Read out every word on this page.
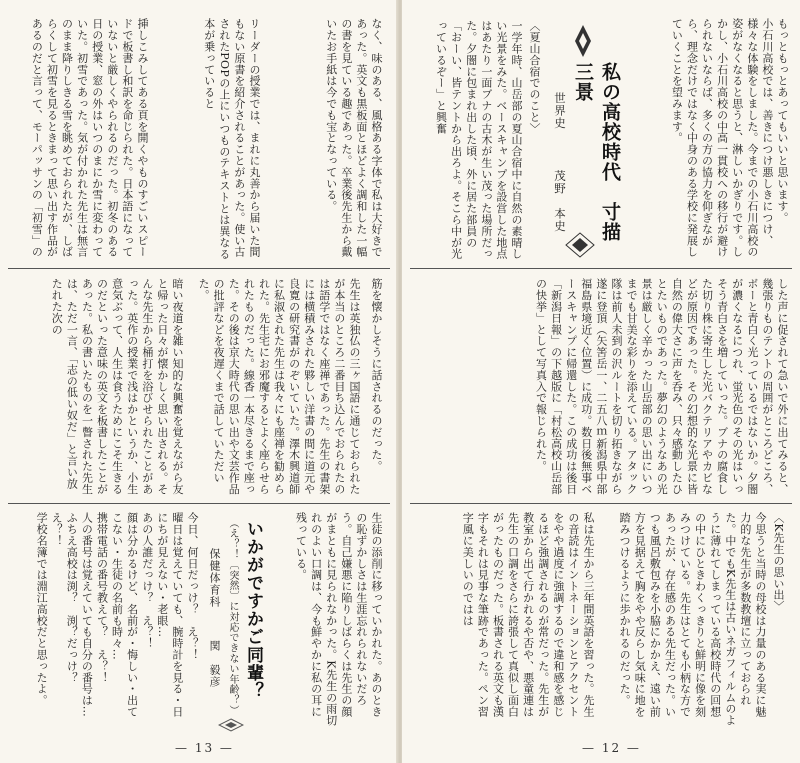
なく、味のある、風格ある字体で私は大好きであった。英文も黒板面とほどよく調和した一幅の書を見ている趣であった。卒業後先生から戴いたお手紙は今でも宝となっている。

リーダーの授業では、まれに丸善から届いた間もない原書を紹介されることがあった。使い古されたPOPの上にいつものテキストとは異なる本が乗っていると

挿しこみしてある頁を開くやものすごいスピードで板書し和訳を命じられた。日本語になっていないと厳しくやられるのだった。初冬のある日の授業、窓の外はいつのまにか雪に変わっていた。初雪であった。気が付かれた先生は無言のまま降りしきる雪を眺めておられたが、しばらくして初雪を見るときまって思い出す作品があるのだと言って、モーパッサンの「初雪」の

筋を懐かしそうに話されるのだった。

先生は英独仏の三ヶ国語に通じておられたが本当のところ二番目ち込んでおられたのは語学ではなく座禅であった。先生の書架には横積みされた夥しい洋書の間に道元や良寛の研究書がのぞいていた。澤木興道師に私淑された先生は我々にも座禅を勧められた。先生宅にお邪魔するとよく座らせられたものだった。線香一本尽きるまで座った。その後は京大時代の思い出や文芸作品の批評などを夜遅くまで話していただいた。

暗い夜道を雑い知的な興奮を覚えながら友と帰った日々が懐かしく思い出される。そんな先生から桶打を浴びせられたことがあった。英作の授業で浅はかというか、小生意気ぶって、人生は食うためにこそ生きるのだといった意味の英文を板書したことがあった。私の書いたものを一瞥された先生は、ただ一言、「志の低い奴だ」と言い放たれた次の

生徒の添削に移っていかれた。あのときの恥ずかしさは生涯忘れられないだろう。自己嫌悪に陥りしばらくは先生の顔がまともに見られなかった。K先生の雨切れのよい口調は、今も鮮やかに私の耳に残っている。

いかがですかご同輩？
（え？！〔突然〕に対応できない年齢？）
保健体育科
関　毅彦

今日、何日だっけ？　え？！

曜日は覚えていても、腕時計を見る・日にちが見えない・老眼…

あの人誰だっけ？　え？！

顔は分かるけど、名前が・悔しい・出てこない・生徒の名前も時々…

携帯電話の番号教えて？　え？！

人の番号は覚えていても自分の番号は…

ふちえ高校は渕？　渕？だっけ？　え？！

学校名簿では淵江高校だと思ったよ。

— 13 —

もっともっとあってもいいと思います。

小石川高校では、善きにつけ悪しきにつけ、様々な体験をしました。今までの小石川高校の姿がなくなると思うと、淋しいかぎりです。しかし、小石川高校の中高一貫校への移行が避けられないならば、多くの方の協力を仰ぎながら、理念だけではなく中身のある学校に発展していくことを望みます。

私の高校時代　寸描三景
世界史
茂野　本史
〈夏山合宿でのこと〉

一学年時、山岳部の夏山合宿中に自然の素晴しい光景をみた。ベースキャンプを設営した地点はあたり一面ブナの古木が生い茂った場所だった。夕闇に包まれ出した頃、外に居た部員の「おーい、皆テントから出ろよ。そこら中が光っているぞー」と興奮

した声に促されて急いで外に出てみると、幾張りものテントの周囲がところどころ、ボーと青白く光っているではないか。夕闇が濃くなるにつれ、蛍光色のその光はいっそう青白さを増していった。ブナの腐食した切り株に寄生した光バクテリアやカビなどが原因であった。その幻想的な光景に皆自然の偉大さに声を呑み、只々感動したひとたいものであった。夢幻のようなあの光景は厳しく辛かった山岳部の思い出にいつまでも甘美な彩りを添えている。アタック隊は前人未到の沢ルートを切り拓きながら遂に登頂（矢筈岳一、二五八ｍ新潟県中部福島県境近く位置）に成功。数日後無事ベースキャンプに帰還した。この成功は後日「新潟日報」の下越版に「村松高校山岳部の快挙」として写真入で報じられた。

〈K先生の思い出〉

今思うと当時の母校は力量のある実に魅力的な先生が多数教壇に立っておられた。中でもK先生は古いネガフィルムのように薄れてしまっている高校時代の回想の中にひときわくっきりと鮮明に像を刻みつけている。先生はとても小柄な方であったが、存在感のある先生だった。いつも風呂敷包みを小脇にかかえ、遠い前方を見据えて胸をやや反らし気味に地を踏みつけるように歩かれるのだった。

私は先生から三年間英語を習った。先生の音読はイントネーションとアクセントをやや過度に強調するので違和感を感じるほど強調されるのが常だった。先生が教室から出て行かれるや否や、悪童連は先生の口調をさらに誇張して真似し面白がったものだった。板書される英文も漢字もそれは見事な筆跡であった。ペン習字風に美しいのではは

— 12 —
